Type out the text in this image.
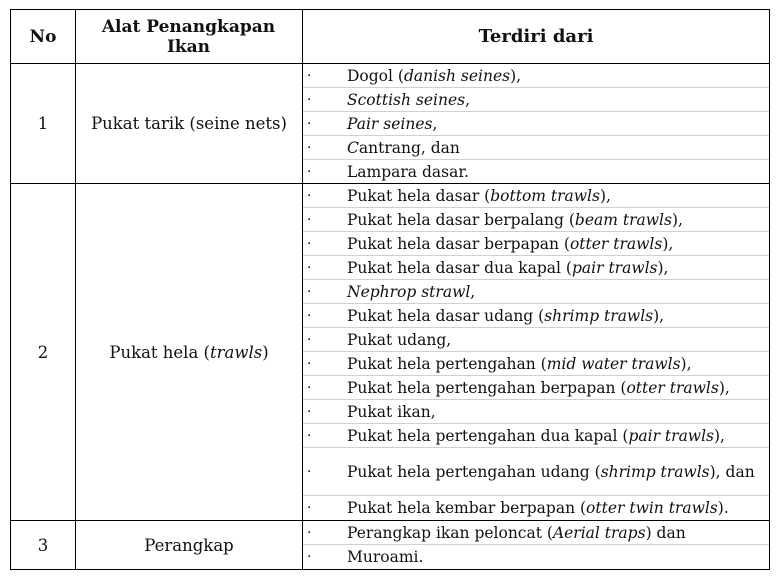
No	Alat Penangkapan Ikan	Terdiri dari
1	Pukat tarik (seine nets)
· Dogol (danish seines),
· Scottish seines,
· Pair seines,
· Cantrang, dan
· Lampara dasar.
2	Pukat hela ( trawls )
· Pukat hela dasar (bottom trawls),
· Pukat hela dasar berpalang (beam trawls),
· Pukat hela dasar berpapan (otter trawls),
· Pukat hela dasar dua kapal (pair trawls),
· Nephrop strawl,
· Pukat hela dasar udang (shrimp trawls),
· Pukat udang,
· Pukat hela pertengahan (mid water trawls),
· Pukat hela pertengahan berpapan (otter trawls),
· Pukat ikan,
· Pukat hela pertengahan dua kapal (pair trawls),
· Pukat hela pertengahan udang (shrimp trawls), dan
· Pukat hela kembar berpapan (otter twin trawls).
3	Perangkap
· Perangkap ikan peloncat (Aerial traps) dan
· Muroami.
